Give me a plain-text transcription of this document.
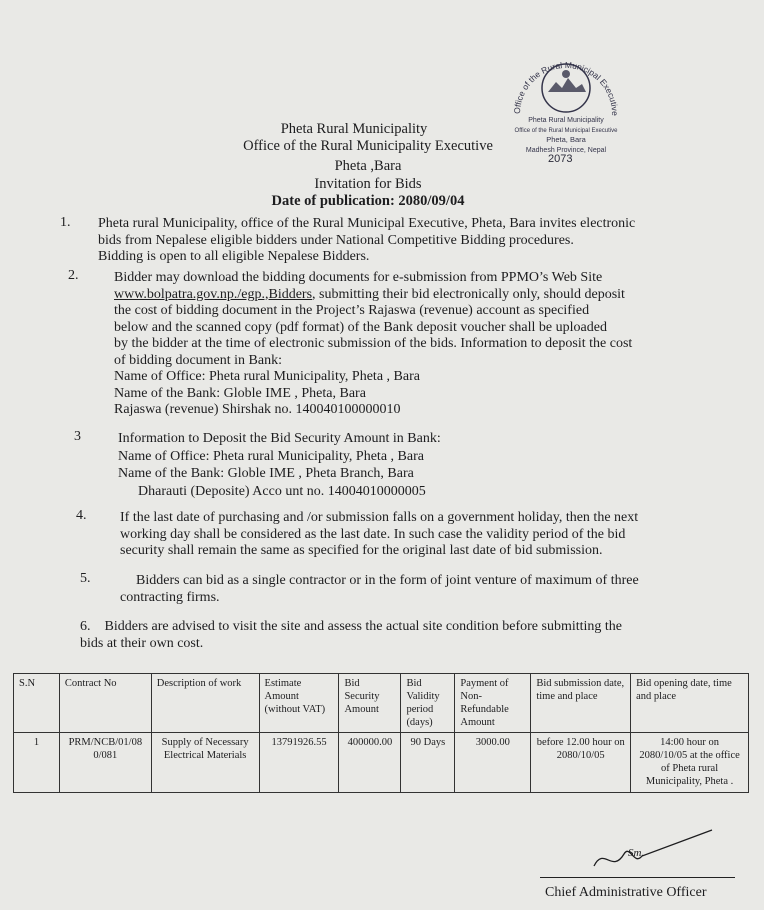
Office of the Rural Municipal Executive
Pheta Rural Municipality
Office of the Rural Municipal Executive
Pheta, Bara
Madhesh Province, Nepal
2073
Pheta Rural Municipality
Office of the Rural Municipality Executive
Pheta ,Bara
Invitation for Bids
Date of publication: 2080/09/04
1. Pheta rural Municipality, office of the Rural Municipal Executive, Pheta, Bara invites electronic
bids from Nepalese eligible bidders under National Competitive Bidding procedures.
Bidding is open to all eligible Nepalese Bidders.
2.	Bidder may download the bidding documents for e-submission from PPMO’s Web Site
www.bolpatra.gov.np./egp.,Bidders, submitting their bid electronically only, should deposit
the cost of bidding document in the Project’s Rajaswa (revenue) account as specified
below and the scanned copy (pdf format) of the Bank deposit voucher shall be uploaded
by the bidder at the time of electronic submission of the bids. Information to deposit the cost
of bidding document in Bank:
Name of Office: Pheta rural Municipality, Pheta , Bara
Name of the Bank: Globle IME , Pheta, Bara
Rajaswa (revenue) Shirshak no. 140040100000010
3	Information to Deposit the Bid Security Amount in Bank:
Name of Office: Pheta rural Municipality, Pheta , Bara
Name of the Bank: Globle IME , Pheta Branch, Bara
Dharauti (Deposite) Acco unt no. 14004010000005
4. If the last date of purchasing and /or submission falls on a government holiday, then the next
working day shall be considered as the last date. In such case the validity period of the bid
security shall remain the same as specified for the original last date of bid submission.
5.	Bidders can bid as a single contractor or in the form of joint venture of maximum of three
contracting firms.
6. Bidders are advised to visit the site and assess the actual site condition before submitting the
bids at their own cost.
S.N	Contract No	Description of work	Estimate Amount (without VAT)	Bid Security Amount	Bid Validity period (days)	Payment of Non-Refundable Amount	Bid submission date, time and place	Bid opening date, time and place
1	PRM/NCB/01/080/081	Supply of Necessary Electrical Materials	13791926.55	400000.00	90 Days	3000.00	before 12.00 hour on 2080/10/05	14:00 hour on 2080/10/05 at the office of Pheta rural Municipality, Pheta .
Sm.
Chief Administrative Officer
